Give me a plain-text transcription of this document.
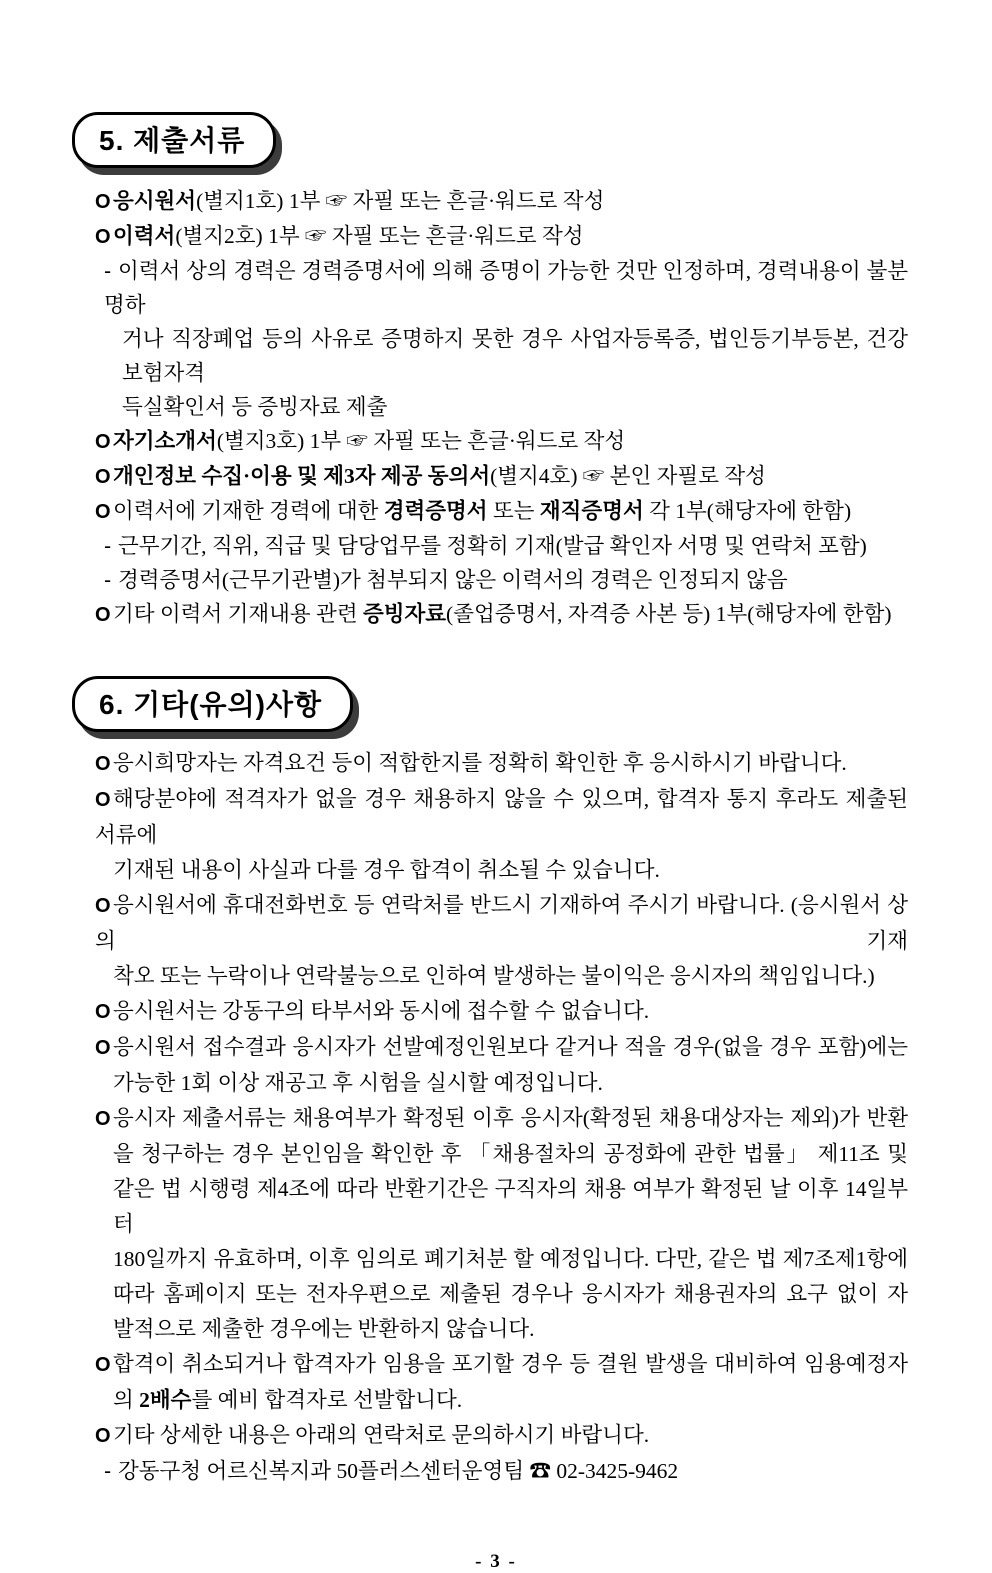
5. 제출서류
O 응시원서(별지1호) 1부 ☞ 자필 또는 흔글·워드로 작성
O 이력서(별지2호) 1부 ☞ 자필 또는 흔글·워드로 작성
- 이력서 상의 경력은 경력증명서에 의해 증명이 가능한 것만 인정하며, 경력내용이 불분명하
거나 직장폐업 등의 사유로 증명하지 못한 경우 사업자등록증, 법인등기부등본, 건강보험자격
득실확인서 등 증빙자료 제출
O 자기소개서(별지3호) 1부 ☞ 자필 또는 흔글·워드로 작성
O 개인정보 수집·이용 및 제3자 제공 동의서(별지4호) ☞ 본인 자필로 작성
O 이력서에 기재한 경력에 대한 경력증명서 또는 재직증명서 각 1부(해당자에 한함)
- 근무기간, 직위, 직급 및 담당업무를 정확히 기재(발급 확인자 서명 및 연락처 포함)
- 경력증명서(근무기관별)가 첨부되지 않은 이력서의 경력은 인정되지 않음
O 기타 이력서 기재내용 관련 증빙자료(졸업증명서, 자격증 사본 등) 1부(해당자에 한함)
6. 기타(유의)사항
O 응시희망자는 자격요건 등이 적합한지를 정확히 확인한 후 응시하시기 바랍니다.
O 해당분야에 적격자가 없을 경우 채용하지 않을 수 있으며, 합격자 통지 후라도 제출된 서류에
기재된 내용이 사실과 다를 경우 합격이 취소될 수 있습니다.
O 응시원서에 휴대전화번호 등 연락처를 반드시 기재하여 주시기 바랍니다. (응시원서 상의 기재
착오 또는 누락이나 연락불능으로 인하여 발생하는 불이익은 응시자의 책임입니다.)
O 응시원서는 강동구의 타부서와 동시에 접수할 수 없습니다.
O 응시원서 접수결과 응시자가 선발예정인원보다 같거나 적을 경우(없을 경우 포함)에는
가능한 1회 이상 재공고 후 시험을 실시할 예정입니다.
O 응시자 제출서류는 채용여부가 확정된 이후 응시자(확정된 채용대상자는 제외)가 반환
을 청구하는 경우 본인임을 확인한 후 「채용절차의 공정화에 관한 법률」 제11조 및
같은 법 시행령 제4조에 따라 반환기간은 구직자의 채용 여부가 확정된 날 이후 14일부터
180일까지 유효하며, 이후 임의로 폐기처분 할 예정입니다. 다만, 같은 법 제7조제1항에
따라 홈페이지 또는 전자우편으로 제출된 경우나 응시자가 채용권자의 요구 없이 자
발적으로 제출한 경우에는 반환하지 않습니다.
O 합격이 취소되거나 합격자가 임용을 포기할 경우 등 결원 발생을 대비하여 임용예정자
의 2배수를 예비 합격자로 선발합니다.
O 기타 상세한 내용은 아래의 연락처로 문의하시기 바랍니다.
- 강동구청 어르신복지과 50플러스센터운영팀 ☎ 02-3425-9462
- 3 -
